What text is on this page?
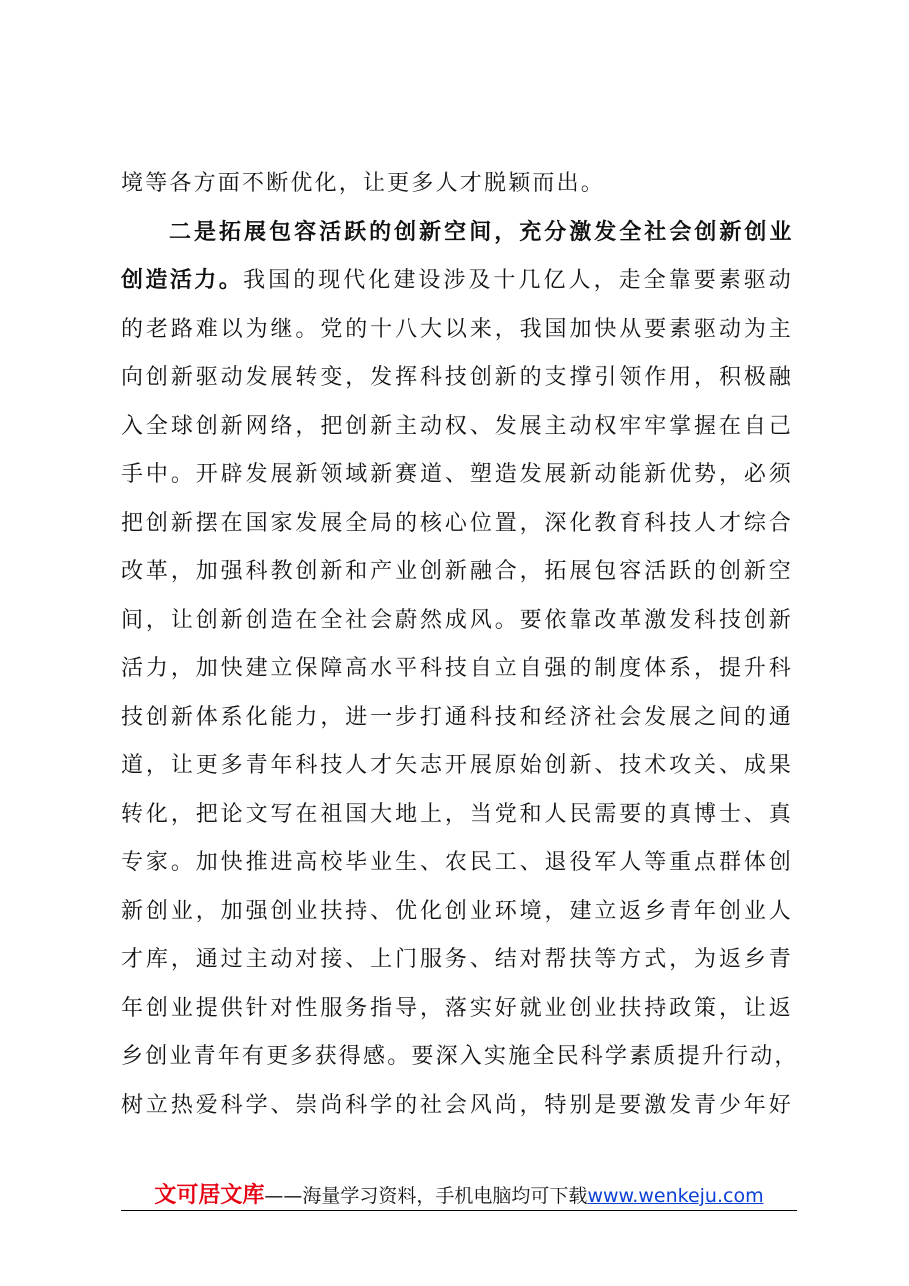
境等各方面不断优化，让更多人才脱颖而出。
二是拓展包容活跃的创新空间，充分激发全社会创新创业
创造活力。我国的现代化建设涉及十几亿人，走全靠要素驱动
的老路难以为继。党的十八大以来，我国加快从要素驱动为主
向创新驱动发展转变，发挥科技创新的支撑引领作用，积极融
入全球创新网络，把创新主动权、发展主动权牢牢掌握在自己
手中。开辟发展新领域新赛道、塑造发展新动能新优势，必须
把创新摆在国家发展全局的核心位置，深化教育科技人才综合
改革，加强科教创新和产业创新融合，拓展包容活跃的创新空
间，让创新创造在全社会蔚然成风。要依靠改革激发科技创新
活力，加快建立保障高水平科技自立自强的制度体系，提升科
技创新体系化能力，进一步打通科技和经济社会发展之间的通
道，让更多青年科技人才矢志开展原始创新、技术攻关、成果
转化，把论文写在祖国大地上，当党和人民需要的真博士、真
专家。加快推进高校毕业生、农民工、退役军人等重点群体创
新创业，加强创业扶持、优化创业环境，建立返乡青年创业人
才库，通过主动对接、上门服务、结对帮扶等方式，为返乡青
年创业提供针对性服务指导，落实好就业创业扶持政策，让返
乡创业青年有更多获得感。要深入实施全民科学素质提升行动，
树立热爱科学、崇尚科学的社会风尚，特别是要激发青少年好
文可居文库——海量学习资料，手机电脑均可下载www.wenkeju.com
